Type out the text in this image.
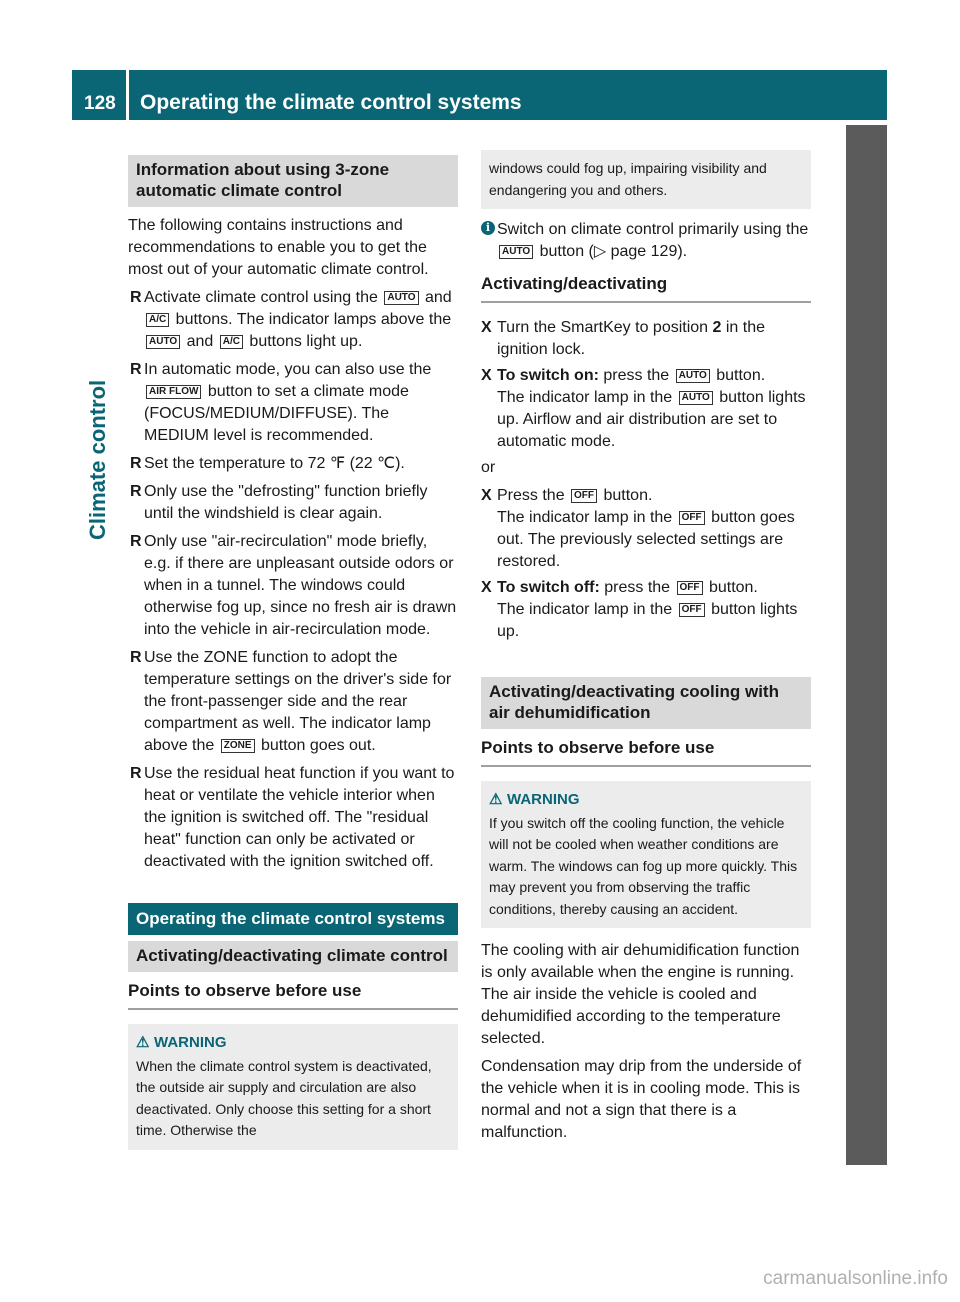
128 Operating the climate control systems
Climate control
Information about using 3-zone automatic climate control

The following contains instructions and recommendations to enable you to get the most out of your automatic climate control.

R Activate climate control using the AUTO and A/C buttons. The indicator lamps above the AUTO and A/C buttons light up.
R In automatic mode, you can also use the AIR FLOW button to set a climate mode (FOCUS/MEDIUM/DIFFUSE). The MEDIUM level is recommended.
R Set the temperature to 72 ℉ (22 ℃).
R Only use the "defrosting" function briefly until the windshield is clear again.
R Only use "air-recirculation" mode briefly, e.g. if there are unpleasant outside odors or when in a tunnel. The windows could otherwise fog up, since no fresh air is drawn into the vehicle in air-recirculation mode.
R Use the ZONE function to adopt the temperature settings on the driver's side for the front-passenger side and the rear compartment as well. The indicator lamp above the ZONE button goes out.
R Use the residual heat function if you want to heat or ventilate the vehicle interior when the ignition is switched off. The "residual heat" function can only be activated or deactivated with the ignition switched off.
Operating the climate control systems
Activating/deactivating climate control
Points to observe before use
⚠ WARNING
When the climate control system is deactivated, the outside air supply and circulation are also deactivated. Only choose this setting for a short time. Otherwise the
windows could fog up, impairing visibility and endangering you and others.
i Switch on climate control primarily using the AUTO button (▷ page 129).
Activating/deactivating
X Turn the SmartKey to position 2 in the ignition lock.
X To switch on: press the AUTO button.
The indicator lamp in the AUTO button lights up. Airflow and air distribution are set to automatic mode.

or

X Press the OFF button.
The indicator lamp in the OFF button goes out. The previously selected settings are restored.
X To switch off: press the OFF button.
The indicator lamp in the OFF button lights up.
Activating/deactivating cooling with air dehumidification
Points to observe before use
⚠ WARNING
If you switch off the cooling function, the vehicle will not be cooled when weather conditions are warm. The windows can fog up more quickly. This may prevent you from observing the traffic conditions, thereby causing an accident.

The cooling with air dehumidification function is only available when the engine is running. The air inside the vehicle is cooled and dehumidified according to the temperature selected.

Condensation may drip from the underside of the vehicle when it is in cooling mode. This is normal and not a sign that there is a malfunction.

carmanualsonline.info
